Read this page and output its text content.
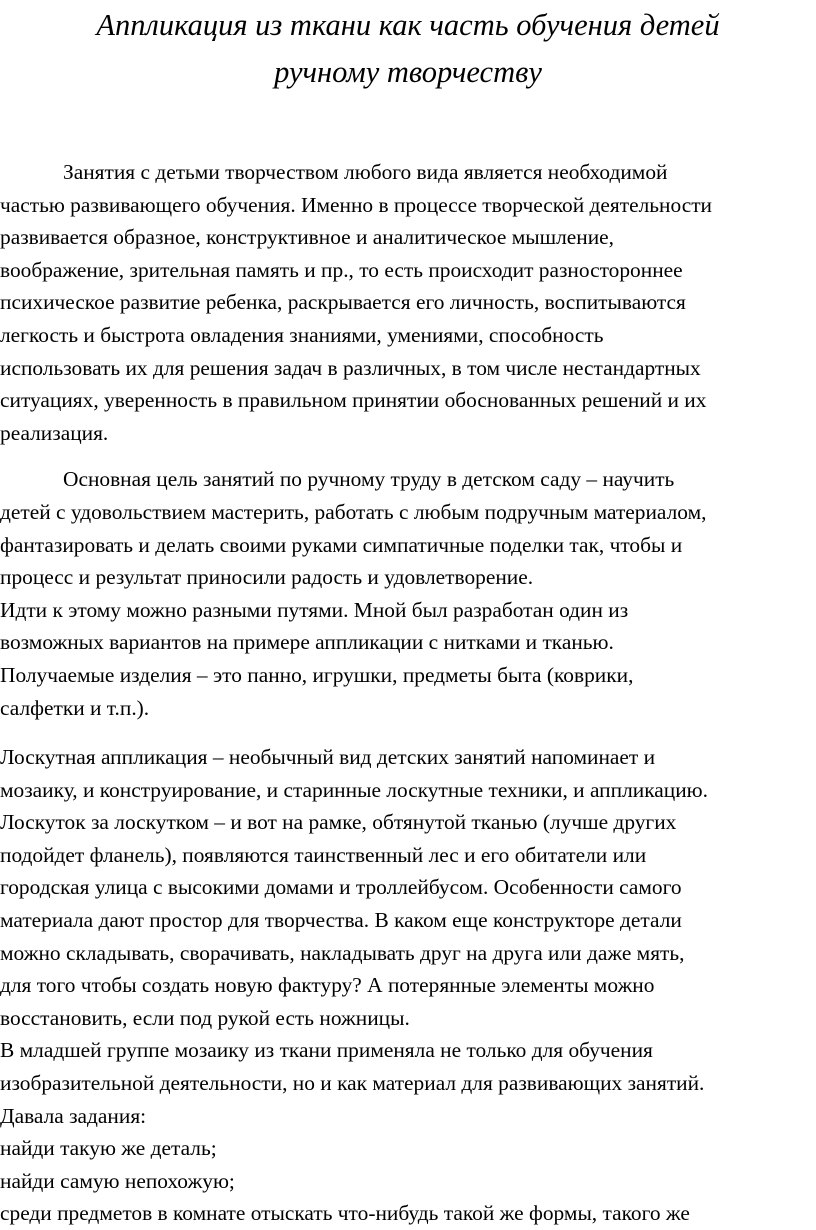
Аппликация из ткани как часть обучения детей
ручному творчеству
Занятия с детьми творчеством любого вида является необходимой
частью развивающего обучения. Именно в процессе творческой деятельности
развивается образное, конструктивное и аналитическое мышление,
воображение, зрительная память и пр., то есть происходит разностороннее
психическое развитие ребенка, раскрывается его личность, воспитываются
легкость и быстрота овладения знаниями, умениями, способность
использовать их для решения задач в различных, в том числе нестандартных
ситуациях, уверенность в правильном принятии обоснованных решений и их
реализация.
Основная цель занятий по ручному труду в детском саду – научить
детей с удовольствием мастерить, работать с любым подручным материалом,
фантазировать и делать своими руками симпатичные поделки так, чтобы и
процесс и результат приносили радость и удовлетворение.
Идти к этому можно разными путями. Мной был разработан один из
возможных вариантов на примере аппликации с нитками и тканью.
Получаемые изделия – это панно, игрушки, предметы быта (коврики,
салфетки и т.п.).
Лоскутная аппликация – необычный вид детских занятий напоминает и
мозаику, и конструирование, и старинные лоскутные техники, и аппликацию.
Лоскуток за лоскутком – и вот на рамке, обтянутой тканью (лучше других
подойдет фланель), появляются таинственный лес и его обитатели или
городская улица с высокими домами и троллейбусом. Особенности самого
материала дают простор для творчества. В каком еще конструкторе детали
можно складывать, сворачивать, накладывать друг на друга или даже мять,
для того чтобы создать новую фактуру? А потерянные элементы можно
восстановить, если под рукой есть ножницы.
В младшей группе мозаику из ткани применяла не только для обучения
изобразительной деятельности, но и как материал для развивающих занятий.
Давала задания:
найди такую же деталь;
найди самую непохожую;
среди предметов в комнате отыскать что-нибудь такой же формы, такого же
